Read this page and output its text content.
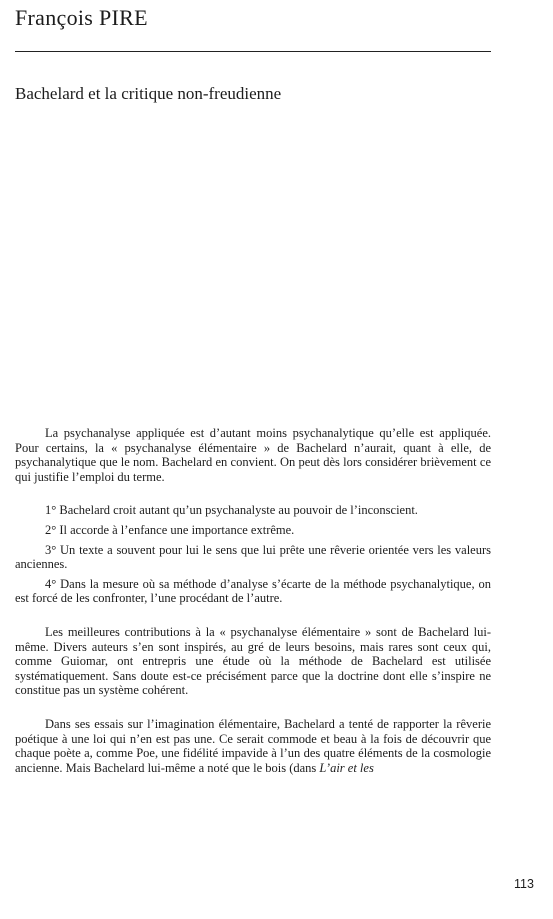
François PIRE
Bachelard et la critique non-freudienne

La psychanalyse appliquée est d’autant moins psychanalytique qu’elle est appliquée. Pour certains, la « psychanalyse élémentaire » de Bachelard n’aurait, quant à elle, de psychanalytique que le nom. Bachelard en convient. On peut dès lors considérer brièvement ce qui justifie l’emploi du terme.

1° Bachelard croit autant qu’un psychanalyste au pouvoir de l’inconscient.

2° Il accorde à l’enfance une importance extrême.

3° Un texte a souvent pour lui le sens que lui prête une rêverie orientée vers les valeurs anciennes.

4° Dans la mesure où sa méthode d’analyse s’écarte de la méthode psychanalytique, on est forcé de les confronter, l’une procédant de l’autre.

Les meilleures contributions à la « psychanalyse élémentaire » sont de Bachelard lui-même. Divers auteurs s’en sont inspirés, au gré de leurs besoins, mais rares sont ceux qui, comme Guiomar, ont entrepris une étude où la méthode de Bachelard est utilisée systématiquement. Sans doute est-ce précisément parce que la doctrine dont elle s’inspire ne constitue pas un système cohérent.

Dans ses essais sur l’imagination élémentaire, Bachelard a tenté de rapporter la rêverie poétique à une loi qui n’en est pas une. Ce serait commode et beau à la fois de découvrir que chaque poète a, comme Poe, une fidélité impavide à l’un des quatre éléments de la cosmologie ancienne. Mais Bachelard lui-même a noté que le bois (dans L’air et les

113
